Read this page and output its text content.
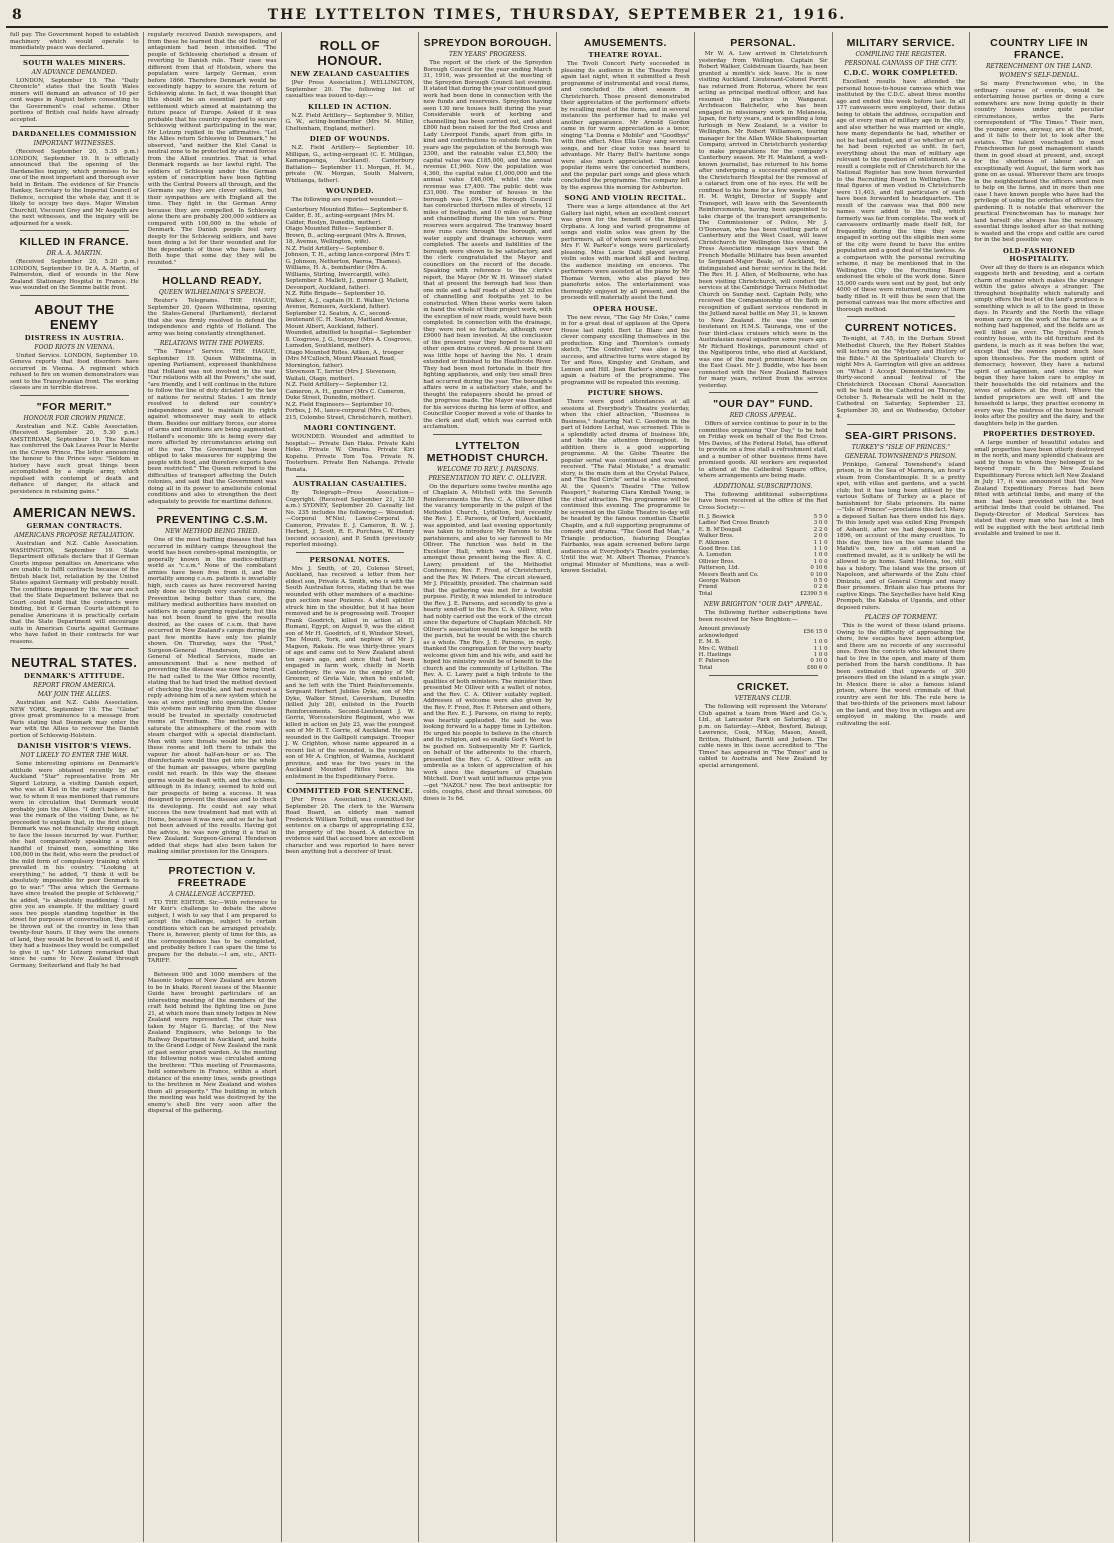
8	THE LYTTELTON TIMES, THURSDAY, SEPTEMBER 21, 1916.

full pay. The Government hoped to establish machinery which would operate to immediately peace was declared.

SOUTH WALES MINERS.
AN ADVANCE DEMANDED.

LONDON, September 19. The "Daily Chronicle" states that the South Wales miners will demand an advance of 10 per cent wages in August before consenting to the Government's coal scheme. Other portions of British coal fields have already accepted.

DARDANELLES COMMISSION
IMPORTANT WITNESSES.

(Received September 20, 5.35 p.m.) LONDON, September 19. It is officially announced that the opening of the Dardanelles inquiry, which promises to be one of the most important and thorough ever held in Britain. The evidence of Sir Francis Hankey, Secretary to the Imperial Council of Defence, occupied the whole day, and it is likely to occupy two days. Major Winston Churchill, Viscount Grey and Mr Asquith are the next witnesses, and the inquiry will be adjourned for a week.

KILLED IN FRANCE.
DR A. A. MARTIN.

(Received September 20, 5.20 p.m.) LONDON, September 19. Dr A. A. Martin, of Palmerston, died of wounds in the New Zealand Stationary Hospital in France. He was wounded on the Somme battle front.

ABOUT THE ENEMY
DISTRESS IN AUSTRIA.
FOOD RIOTS IN VIENNA.

United Service. LONDON, September 19. Geneva reports that food disorders have occurred in Vienna. A regiment which refused to fire on women demonstrators was sent to the Transylvanian front. The working classes are in terrible distress.

"FOR MERIT."
HONOUR FOR CROWN PRINCE.

Australian and N.Z. Cable Association. (Received September 20, 5.30 p.m.) AMSTERDAM, September 19. The Kaiser has conferred the Oak Leaves Pour le Merite on the Crown Prince. The letter announcing the honour to the Prince says: "Seldom in history have such great things been accomplished by a single army, which repulsed with contempt of death and defiance of danger, its attack and persistence in retaining gains."

AMERICAN NEWS.
GERMAN CONTRACTS.
AMERICANS PROPOSE RETALIATION.

Australian and N.Z. Cable Association. WASHINGTON, September 19. State Department officials declare that if German Courts impose penalties on Americans who are unable to fulfil contracts because of the British black list, retaliation by the United States against Germany will probably result. The conditions imposed by the war are such that the State Department believes that no Court could hold that the contracts were binding, but if German Courts attempt to penalise Americans it is practically certain that the State Department will encourage suits in American Courts against Germans who have failed in their contracts for war reasons.

NEUTRAL STATES.
DENMARK'S ATTITUDE.
REPORT FROM AMERICA.
MAY JOIN THE ALLIES.

Australian and N.Z. Cable Association. NEW YORK, September 19. The "Globe" gives great prominence to a message from Paris stating that Denmark may enter the war with the Allies to recover the Danish portion of Schleswig-Holstein.

DANISH VISITOR'S VIEWS.
NOT LIKELY TO ENTER THE WAR.

Some interesting opinions on Denmark's attitude were obtained recently by an Auckland "Star" representative from Mr Sigurd Lotzurp, a visiting Danish expert, who was at Kiel in the early stages of the war, to whom it was mentioned that rumours were in circulation that Denmark would probably join the Allies. "I don't believe it," was the remark of the visiting Dane, as he proceeded to explain that, in the first place, Denmark was not financially strong enough to face the losses incurred by war. Further, she had comparatively speaking a mere handful of trained men, something like 100,000 in the field, who were the product of the mild form of compulsory training which prevailed in his country. "Looking at everything," he added, "I think it will be absolutely impossible for poor Denmark to go to war." "The area which the Germans have since treated the people of Schleswig," he added, "is absolutely maddening. I will give you an example. If the military guard sees two people standing together in the street for purposes of conversation, they will be thrown out of the country in less than twenty-four hours. If they were the owners of land, they would be forced to sell it, and if they had a business they would be compelled to give it up." Mr Lotzurp remarked that since he came to New Zealand through Germany, Switzerland and Italy he had

regularly received Danish newspapers, and from these he learned that the old feeling of antagonism had been intensified. "The people of Schleswig cherished a dream of reverting to Danish rule. Their case was different from that of Holstein, where the population were largely German, even before 1866. Therefore Denmark would be exceedingly happy to secure the return of Schleswig alone. In fact, it was thought that this should be an essential part of any settlement which aimed at maintaining the future peace of Europe. Asked if it was probable that his country expected to secure Schleswig without participating in the war, Mr Lotzurp replied in the affirmative. "Let the Allies return Schleswig to Denmark," he observed, "and neither the Kiel Canal is neutral zone to be protected by armed forces from the Allied countries. That is what Denmark regards as her lawful right. The soldiers of Schleswig under the German system of conscription have been fighting with the Central Powers all through, and the Germans say they are clever soldiers, but their sympathies are with England all the time. They fight in the German Army because they are compelled. In Schleswig alone there are probably 200,000 soldiers as compared with 100,000 in the whole of Denmark. The Danish people feel very deeply for the Schleswig soldiers, and have been doing a lot for their wounded and for the dependants of those who have fallen. Both hope that some day they will be reunited."

HOLLAND READY.
QUEEN WILHELMINA'S SPEECH.

Reuter's Telegrams. THE HAGUE, September 20. Queen Wilhelmina, opening the States-General (Parliament), declared that she was firmly resolved to defend the independence and rights of Holland. The army was being constantly strengthened.

RELATIONS WITH THE POWERS.

"The Times" Service. THE HAGUE, September 19. Queen Wilhelmina, in opening Parliament, expressed thankfulness that Holland was not involved in the war. "Our relations with all the Powers," she said, "are friendly, and I will continue in the future to follow the line of duty dictated by the law of nations for neutral States. I am firmly resolved to defend our country's independence and to maintain its rights against whomsoever may seek to attack them. Besides our military forces, our stores of arms and munitions are being augmented. Holland's economic life is being every day more affected by circumstances arising out of the war. The Government has been obliged to take measures for supplying the people with food, and therefore exports have been restricted." The Queen referred to the difficulties of transport affecting the Dutch colonies, and said that the Government was doing all in its power to ameliorate colonial conditions and also to strengthen the fleet adequately to provide for maritime defence.

PREVENTING C.S.M.
NEW METHOD BEING TRIED.

One of the most baffling diseases that has occurred in military camps throughout the world has been cerebro-spinal meningitis, or generally known in the medico-military world as "c.s.m." None of the combatant armies have been free from it, and the mortality among c.s.m. patients is invariably high, such cases as have recovered having only done so through very careful nursing. Prevention being better than cure, the military medical authorities have insisted on soldiers in camp gargling regularly, but this has not been found to give the results desired, as the cases of c.s.m. that have occurred in New Zealand's camps during the past few months have only too plainly shown. On Thursday, says the "Post," Surgeon-General Henderson, Director-General of Medical Services, made an announcement that a new method of preventing the disease was now being tried. He had called to the War Office recently, stating that he had tried the method devised of checking the trouble, and had received a reply advising him of a new system which he was at once putting into operation. Under this system men suffering from the disease would be treated in specially constructed rooms at Trentham. The method was to saturate the atmosphere of the room with steam charged with a special disinfectant. Men with sore throats would be put into these rooms and left there to inhale the vapour for about half-an-hour or so. The disinfectants would thus get into the whole of the human air passages, where gargling could not reach. In this way the disease germs would be dealt with, and the scheme, although in its infancy, seemed to hold out fair prospects of being a success. It was designed to prevent the disease and to check its developing. He could not say what success the new treatment had met with at Home, because it was new, and so far he had not been advised of the results. Having got the advice, he was now giving it a trial in New Zealand. Surgeon-General Henderson added that steps had also been taken for making similar provision for the Groupers.

PROTECTION V. FREETRADE
A CHALLENGE ACCEPTED.

TO THE EDITOR. Sir,—With reference to Mr Keir's challenge to debate the above subject, I wish to say that I am prepared to accept the challenge, subject to certain conditions which can be arranged privately. There is, however, plenty of time for this, as the correspondence has to be completed, and probably before I can spare the time to prepare for the debate.—I am, etc., ANTI-TARIFF.

Between 900 and 1000 members of the Masonic lodges of New Zealand are known to be in khaki. Recent issues of the Masonic Guide have brought particulars of an interesting meeting of the members of the craft held behind the fighting line on June 21, at which more than ninety lodges in New Zealand were represented. The chair was taken by Major G. Barclay, of the New Zealand Engineers, who belongs to the Railway Department in Auckland, and holds in the Grand Lodge of New Zealand the rank of past senior grand warden. As the meeting the following notice was circulated among the brethren: "This meeting of Freemasons, held somewhere in France, within a short distance of the enemy lines, sends greetings to the brethren in New Zealand and wishes them all prosperity." The building in which the meeting was held was destroyed by the enemy's shell fire very soon after the dispersal of the gathering.

ROLL OF HONOUR.
NEW ZEALAND CASUALTIES

[Per Press Association.] WELLINGTON, September 20. The following list of casualties was issued to-day:—

KILLED IN ACTION.

N.Z. Field Artillery— September 9. Miller, G. W., acting-bombardier (Mrs M. Miller, Cheltenham, England, mother).

DIED OF WOUNDS.

N.Z. Field Artillery— September 10. Milligan, G., acting-sergeant (C. E. Milligan, Kamangaonga, Auckland). Canterbury Battalion— September 11. Morgan, H. M., private (W. Morgan, South Malvern, Whitianga, father).

WOUNDED.

The following are reported wounded:—

Canterbury Mounted Rifles— September 6.
Calder, E. H., acting-sergeant (Mrs M. Calder, Roslyn, Dunedin, mother).
Otago Mounted Rifles— September 8.
Brown, B., acting-sergeant (Mrs A. Brown, 18, Avenue, Wellington, wife).
N.Z. Field Artillery— September 6.
Johnson, T. H., acting lance-corporal (Mrs T. G. Johnson, Netherton, Paeroa, Thames).
Williams, H. A., bombardier (Mrs A. Williams, Stirling, Invercargill, wife).
September 8. Mallett, J., gunner (J. Mallett, Devonport, Auckland, father).
N.Z. Rifle Brigade— September 10.
Walker, A. J., captain (H. E. Walker, Victoria Avenue, Remuera, Auckland, father).
September 12. Seaton, A. C., second-lieutenant (C. H. Seaton, Maitland Avenue, Mount Albert, Auckland, father).
Wounded, admitted to hospital— September 8. Cosgrove, J. G., trooper (Mrs A. Cosgrove, Lumsden, Southland, mother).
Otago Mounted Rifles. Aitken, A., trooper (Mrs M'Culloch, Mount Pleasant Road, Mornington, father).
Stevenson T., farrier (Mrs J. Stevenson, Waitati, Otago, mother).
N.Z. Field Artillery— September 12. Cameron, A. H., gunner (Mrs C. Cameron, Duke Street, Dunedin, mother).
N.Z. Field Engineers— September 10. Forbes, J. M., lance-corporal (Mrs C. Forbes, 215, Colombo Street, Christchurch, mother).
MAORI CONTINGENT.

WOUNDED. Wounded and admitted to hospital:— Private Dan Haka. Private Kahi Heke. Private W. Omahu. Private Kiri Kopehu. Private Tom Toa. Private N. Tooterburn. Private Ben Nahanga. Private Renata.

AUSTRALIAN CASUALTIES.

By Telegraph—Press Association—Copyright. (Received September 21, 12.50 a.m.) SYDNEY, September 20. Casualty list No. 235 includes the following:— Wounded:—Corporal M'Niel, Lance-Corporal A. Cameron, Privates E. J. Cameron, B. W. J. Herbert, J. Scott, R. E. Purchase, W. Henry (second occasion), and P. Smith (previously reported missing).

PERSONAL NOTES.

Mrs J. Smith, of 20, Colenso Street, Auckland, has received a letter from her eldest son, Private A. Smith, who is with the South Australian forces, stating that he was wounded with other members of a machine-gun section near Pozieres. A shell splinter struck him in the shoulder, but it has been removed and he is progressing well. Trooper Frank Goodrich, killed in action at El Rumani, Egypt, on August 9, was the eldest son of Mr H. Goodrich, of 6, Windsor Street, The Mount, York, and nephew of Mr J. Magson, Rakaia. He was thirty-three years of age and came out to New Zealand about ten years ago, and since that had been engaged in farm work, chiefly in North Canterbury. He was in the employ of Mr Greener, of Greta Vale, when he enlisted, and he left with the Third Reinforcements. Sergeant Herbert Jubilee Dyke, son of Mrs Dyke, Walker Street, Caversham, Dunedin (killed July 28), enlisted in the Fourth Reinforcements. Second-Lieutenant J. W. Gorrie, Worcestershire Regiment, who was killed in action on July 23, was the youngest son of Mr H. T. Gorrie, of Auckland. He was wounded in the Gallipoli campaign. Trooper J. W. Crighton, whose name appeared in a recent list of the wounded, is the youngest son of Mr A. Crighton, of Waimea, Auckland province, and was for two years in the Auckland Mounted Rifles before his enlistment in the Expeditionary Force.

COMMITTED FOR SENTENCE.

[Per Press Association.] AUCKLAND, September 20. The clerk to the Waroara Road Board, an elderly man named Frederick William Tothill, was committed for sentence on a charge of appropriating £32, the property of the board. A detective in evidence said that accused bore an excellent character and was reported to have never been anything but a deceiver of trust.

SPREYDON BOROUGH.
TEN YEARS' PROGRESS.

The report of the clerk of the Spreydon Borough Council for the year ending March 31, 1916, was presented at the meeting of the Spreydon Borough Council last evening. It stated that during the year continued good work had been done in connection with the new funds and reservoirs. Spreydon having seen 130 new houses built during the year. Considerable work of kerbing and channelling has been carried out, and about £800 had been raised for the Red Cross and Lady Liverpool Funds, apart from gifts in kind and contributions to outside funds. Ten years ago the population of the borough was 2300, and the rateable value £3,500; the capital value was £185,000, and the annual revenue £1,960. Now the population was 4,360, the capital value £1,000,000 and the annual value £48,000, whilst the rate revenue was £7,400. The public debt was £31,000. The number of houses in the borough was 1,094. The Borough Council has constructed thirteen miles of streets, 12 miles of footpaths, and 10 miles of kerbing and channelling during the ten years. Four reserves were acquired. The tramway board now runs cars through the borough, and water supply and drainage schemes were completed. The assets and liabilities of the borough were shown to be satisfactory, and the clerk congratulated the Mayor and councillors on the record of the decade. Speaking with reference to the clerk's report, the Mayor (Mr W. H. Winsor) stated that at present the borough had less than one mile and a half roads of about 32 miles of channelling and footpaths yet to be constructed. When these works were taken in hand the whole of their project work, with the exception of new roads, would have been completed. In connection with the drainage, they were not so fortunate, although over £9000 had been invested. At the conclusion of the present year they hoped to have all other open drains covered. At present there was little hope of having the No. 1 drain extended or finished to the Heathcote River. They had been most fortunate in their fire fighting appliances, and only two small fires had occurred during the year. The borough's affairs were in a satisfactory state, and he thought the ratepayers should be proud of the progress made. The Mayor was thanked for his services during his term of office, and Councillor Cooper moved a vote of thanks to the clerk and staff, which was carried with acclamation.

LYTTELTON METHODIST CHURCH.
WELCOME TO REV. J. PARSONS.
PRESENTATION TO REV. C. OLLIVER.

On the departure some twelve months ago of Chaplain A. Mitchell with the Seventh Reinforcements the Rev. C. A. Olliver filled the vacancy temporarily in the pulpit of the Methodist Church, Lyttelton, but recently the Rev. J. E. Parsons, of Oxford, Auckland, was appointed, and last evening opportunity was taken to introduce Mr Parsons to the parishioners, and also to say farewell to Mr Olliver. The function was held in the Excelsior Hall, which was well filled, amongst those present being the Rev. A. C. Lawry, president of the Methodist Conference; Rev. F. Frost, of Christchurch, and the Rev. W. Peters. The circuit steward, Mr J. Pitcaithly, presided. The chairman said that the gathering was met for a twofold purpose. Firstly, it was intended to introduce the Rev. J. E. Parsons, and secondly to give a hearty send-off to the Rev. C. A. Olliver, who had nobly carried out the work of the circuit since the departure of Chaplain Mitchell. Mr Olliver's association would no longer be with the parish, but he would be with the church as a whole. The Rev. J. E. Parsons, in reply, thanked the congregation for the very hearty welcome given him and his wife, and said he hoped his ministry would be of benefit to the church and the community of Lyttelton. The Rev. A. C. Lawry paid a high tribute to the qualities of both ministers. The minister then presented Mr Olliver with a wallet of notes, and the Rev. C. A. Olliver suitably replied. Addresses of welcome were also given by the Rev. F. Frost, Rev. F. Petersen and others, and the Rev. E. J. Parsons, on rising to reply, was heartily applauded. He said he was looking forward to a happy time in Lyttelton. He urged his people to believe in the church and its religion, and so enable God's Word to be pushed on. Subsequently Mr F. Garlick, on behalf of the adherents to the church, presented the Rev. C. A. Olliver with an umbrella as a token of appreciation of his work since the departure of Chaplain Mitchell. Don't wait until influenza grips you—get "NAZOL" now. The best antiseptic for colds, coughs, chest and throat soreness. 60 doses is 1s 6d.

AMUSEMENTS.
THEATRE ROYAL.

The Tivoli Concert Party succeeded in pleasing its audience in the Theatre Royal again last night, when it submitted a fresh programme of instrumental and vocal items, and concluded its short season in Christchurch. Those present demonstrated their appreciation of the performers' efforts by recalling most of the items, and in several instances the performer had to make yet another appearance. Mr Arnold Gordon came in for warm appreciation as a tenor, singing "La Donna e Mobile" and "Goodbye" with fine effect. Miss Ella Gray sang several songs, and her clear voice was heard to advantage. Mr Harry Bell's baritone songs were also much appreciated. The most popular items were the concerted numbers, and the popular part songs and glees which concluded the programme. The company left by the express this morning for Ashburton.

SONG AND VIOLIN RECITAL.

There was a large attendance at the Art Gallery last night, when an excellent concert was given for the benefit of the Belgian Orphans. A long and varied programme of songs and violin solos was given by the performers, all of whom were well received. Mrs F. W. Parker's songs were particularly pleasing. Miss Lucie Dahl played several violin solos with marked skill and feeling, the audience insisting on encores. The performers were assisted at the piano by Mr Thomas Vernon, who also played two pianoforte solos. The entertainment was thoroughly enjoyed by all present, and the proceeds will materially assist the fund.

OPERA HOUSE.

The new revue, "The Gay Mr Coke," came in for a great deal of applause at the Opera House last night. Bert Le Blanc and his clever company excelling themselves in the production. King and Thornton's comedy sketch, "The Controller," was also a big success, and attractive turns were staged by Ter and Ross, Kingsley and Graham, and Lennon and Hill. Joan Barker's singing was again a feature of the programme. The programme will be repeated this evening.

PICTURE SHOWS.

There were good attendances at all sessions at Everybody's Theatre yesterday, when the chief attraction, "Business is Business," featuring Nat C. Goodwin in the part of Isidore Lechat, was screened. This is a splendidly acted drama of business life, and holds the attention throughout. In addition there is a good supporting programme. At the Globe Theatre the popular serial was continued and was well received. "The Fatal Mistake," a dramatic story, is the main item at the Crystal Palace, and "The Red Circle" serial is also screened. At the Queen's Theatre "The Yellow Passport," featuring Clara Kimball Young, is the chief attraction. The programme will be continued this evening. The programme to be screened on the Globe Theatre to-day will be headed by the famous comedian Charlie Chaplin, and a full supporting programme of comedy and drama. "The Good Bad Man," a Triangle production, featuring Douglas Fairbanks, was again screened before large audiences at Everybody's Theatre yesterday. Until the war, M. Albert Thomas, France's original Minister of Munitions, was a well-known Socialist.

PERSONAL.

Mr W. A. Low arrived in Christchurch yesterday from Wellington. Captain Sir Robert Walker, Coldstream Guards, has been granted a month's sick leave. He is now visiting Auckland. Lieutenant-Colonel Porritt has returned from Rotorua, where he was acting as principal medical officer, and has resumed his practice in Wanganui. Archdeacon Batchelor, who has been engaged in missionary work in Melanesia, Japan, for forty years, and is spending a long furlough in New Zealand, is a visitor to Wellington. Mr Robert Williamson, touring manager for the Allan Wilkie Shakespearian Company, arrived in Christchurch yesterday to make preparations for the company's Canterbury season. Mr H. Mainland, a well-known journalist, has returned to his home after undergoing a successful operation at the Christchurch Hospital for the removal of a cataract from one of his eyes. He will be confined to his home for a few weeks. Major H. M. Wright, Director of Supply and Transport, will leave with the Seventeenth Reinforcements, having been appointed to take charge of the transport arrangements. The Commissioner of Police, Mr J. O'Donovan, who has been visiting parts of Canterbury and the West Coast, will leave Christchurch for Wellington this evening. A Press Association message says that the French Medaille Militaire has been awarded to Sergeant-Major Beale, of Auckland, for distinguished and heroic service in the field. The Rev. H. J. Allen, of Melbourne, who has been visiting Christchurch, will conduct the services at the Cambridge Terrace Methodist Church on Sunday next. Captain Pelly, who received the Companionship of the Bath in recognition of gallant services rendered in the Jutland naval battle on May 31, is known to New Zealand. He was the senior lieutenant on H.M.S. Tauranga, one of the four third-class cruisers which were in the Australasian naval squadron some years ago. Mr Richard Hoskings, paramount chief of the Ngatiporou tribe, who died at Auckland, was one of the most prominent Maoris on the East Coast. Mr J. Buddle, who has been connected with the New Zealand Railways for many years, retired from the service yesterday.

"OUR DAY" FUND.
RED CROSS APPEAL.

Offers of service continue to pour in to the committee organising "Our Day," to be held on Friday week on behalf of the Red Cross. Mrs Davies, of the Federal Hotel, has offered to provide on a free stall a refreshment stall, and a number of other business firms have promised goods. All workers are requested to attend at the Cathedral Square office, where arrangements are being made.

ADDITIONAL SUBSCRIPTIONS.

The following additional subscriptions have been received at the office of the Red Cross Society:—

H. J. Beswick	5 5 0
Ladies' Red Cross Branch	3 0 0
E. B. M'Dougall	2 2 0
Walker Bros.	2 0 0
F. Atkinson	1 1 0
Good Bros. Ltd.	1 1 0
A. Lumsden	1 0 0
Ollivier Bros.	1 0 0
Patterson, Ltd.	0 10 6
Messrs Beath and Co.	0 10 0
George Watson	0 5 0
Friend	0 2 6
Total	£2390 5 6
NEW BRIGHTON "OUR DAY" APPEAL.

The following further subscriptions have been received for New Brighton:—

Amount previously acknowledged	£56 15 0
E. M. B.	1 0 0
Mrs C. Withell	1 1 0
H. Hastings	1 0 0
F. Paterson	0 10 0
Total	£60 6 0
CRICKET.
VETERANS CLUB.

The following will represent the Veterans' Club against a team from Ward and Co.'s, Ltd., at Lancaster Park on Saturday, at 2 p.m. on Saturday:—Abbot, Boxford, Batsup, Lawrence, Cook, M'Kay, Mason, Ansell, Britten, Hubbard, Barritt and Judson. The cable news in this issue accredited to "The Times" has appeared in "The Times" and is cabled to Australia and New Zealand by special arrangement.

MILITARY SERVICE.
COMPILING THE REGISTER.
PERSONAL CANVASS OF THE CITY.
C.D.C. WORK COMPLETED.

Excellent results have attended the personal house-to-house canvass which was instituted by the C.D.C. about three months ago and ended this week before last. In all 177 canvassers were employed, their duties being to obtain the address, occupation and age of every man of military age in the city, and also whether he was married or single, how many dependants he had, whether or not he had enlisted, and if so whether or not he had been rejected as unfit. In fact, everything about the man of military age relevant to the question of enlistment. As a result a complete roll of Christchurch for the National Register has now been forwarded to the Recruiting Board in Wellington. The final figures of men visited in Christchurch were 11,403, and full particulars of each have been forwarded to headquarters. The result of the canvass was that 800 new names were added to the roll, which formerly was far from complete. The work of canvassers ordinarily made itself felt, for frequently during the time they were engaged in sorting out the eligible men some of the city were found to have the entire population and a good deal of the lawless. As a comparison with the personal recruiting scheme, it may be mentioned that in the Wellington City the Recruiting Board endorsed the whole of the work done. Since 15,000 cards were sent out by post, but only 4000 of these were returned, many of them badly filled in. It will thus be seen that the personal canvass was the more effective and thorough method.

CURRENT NOTICES.

To-night, at 7.45, in the Durham Street Methodist Church, the Rev Robert Stables will lecture on the "Mystery and History of the Bible." At the Spiritualists' Church to-night Mrs A. Garrington will give an address on "What I Accept Demonstrations." The thirty-second annual festival of the Christchurch Diocesan Choral Association will be held in the Cathedral on Thursday, October 5. Rehearsals will be held in the Cathedral on Saturday, September 23, September 30, and on Wednesday, October 4.

SEA-GIRT PRISONS.
TURKEY'S "ISLE OF PRINCES."
GENERAL TOWNSHEND'S PRISON.

Prinkipo, General Townshend's island prison, is in the Sea of Marmora, an hour's steam from Constantinople. It is a pretty spot, with villas and gardens, and a yacht club; but it has long been utilised by the various Sultans of Turkey as a place of banishment for State prisoners. Its name—"Isle of Princes"—proclaims this fact. Many a deposed Sultan has there ended his days. To this lonely spot was exiled King Prempeh of Ashanti, after we had deposed him in 1896, on account of the many cruelties. To this day, there lies on the same island the Mahdi's son, now an old man and a confirmed invalid, as it is unlikely he will be allowed to go home. Saint Helena, too, still has a history. The island was the prison of Napoleon, and afterwards of the Zulu chief Dinizulu, and of General Cronje and many Boer prisoners. Britain also has prisons for captive Kings. The Seychelles have held King Prempeh, the Kabaka of Uganda, and other deposed rulers.

PLACES OF TORMENT.

This is the worst of these island prisons. Owing to the difficulty of approaching the shore, few escapes have been attempted, and there are no records of any successful ones. Even the convicts who laboured there had to live in the open, and many of them perished from the harsh conditions. It has been estimated that upwards of 300 prisoners died on the island in a single year. In Mexico there is also a famous island prison, where the worst criminals of that country are sent for life. The rule here is that two-thirds of the prisoners must labour on the land, and they live in villages and are employed in making the roads and cultivating the soil.

COUNTRY LIFE IN FRANCE.
RETRENCHMENT ON THE LAND.
WOMEN'S SELF-DENIAL.

So many Frenchwomen who, in the ordinary course of events, would be entertaining house parties or doing a cure somewhere are now living quietly in their country houses under quite peculiar circumstances, writes the Paris correspondent of "The Times." Their men, the younger ones, anyway, are at the front, and it falls to their lot to look after the estates. The talent vouchsafed to most Frenchwomen for good management stands them in good stead at present, and, except for the shortness of labour and an exceptionally wet August, the farm work has gone on as usual. Wherever there are troops in the neighbourhood the officers send men to help on the farms, and in more than one case I have known people who have had the privilege of using the orderlies of officers for gardening. It is notable that wherever the practical Frenchwoman has to manage her land herself she always has the necessary, essential things looked after so that nothing is wasted and the crops and cattle are cared for in the best possible way.

OLD-FASHIONED HOSPITALITY.

Over all they do there is an elegance which suggests birth and breeding, and a certain charm of manner which makes the stranger within the gates always a stranger. The throughout hospitality which naturally and simply offers the best of the land's produce is something which is all to the good in these days. In Picardy and the North the village women carry on the work of the farms as if nothing had happened, and the fields are as well tilled as ever. The typical French country house, with its old furniture and its gardens, is much as it was before the war, except that the owners spend much less upon themselves. For the modern spirit of democracy, however, they have a natural spirit of antagonism, and since the war began they have taken care to employ in their households the old retainers and the wives of soldiers at the front. Where the landed proprietors are well off and the household is large, they practise economy in every way. The mistress of the house herself looks after the poultry and the dairy, and the daughters help in the garden.

PROPERTIES DESTROYED.

A large number of beautiful estates and small properties have been utterly destroyed in the north, and many splendid chateaux are said by those to whom they belonged to be beyond repair. In the New Zealand Expeditionary Forces which left New Zealand in July 17, it was announced that the New Zealand Expeditionary Forces had been fitted with artificial limbs, and many of the men had been provided with the best artificial limbs that could be obtained. The Deputy-Director of Medical Services has stated that every man who has lost a limb will be supplied with the best artificial limb available and trained to use it.
